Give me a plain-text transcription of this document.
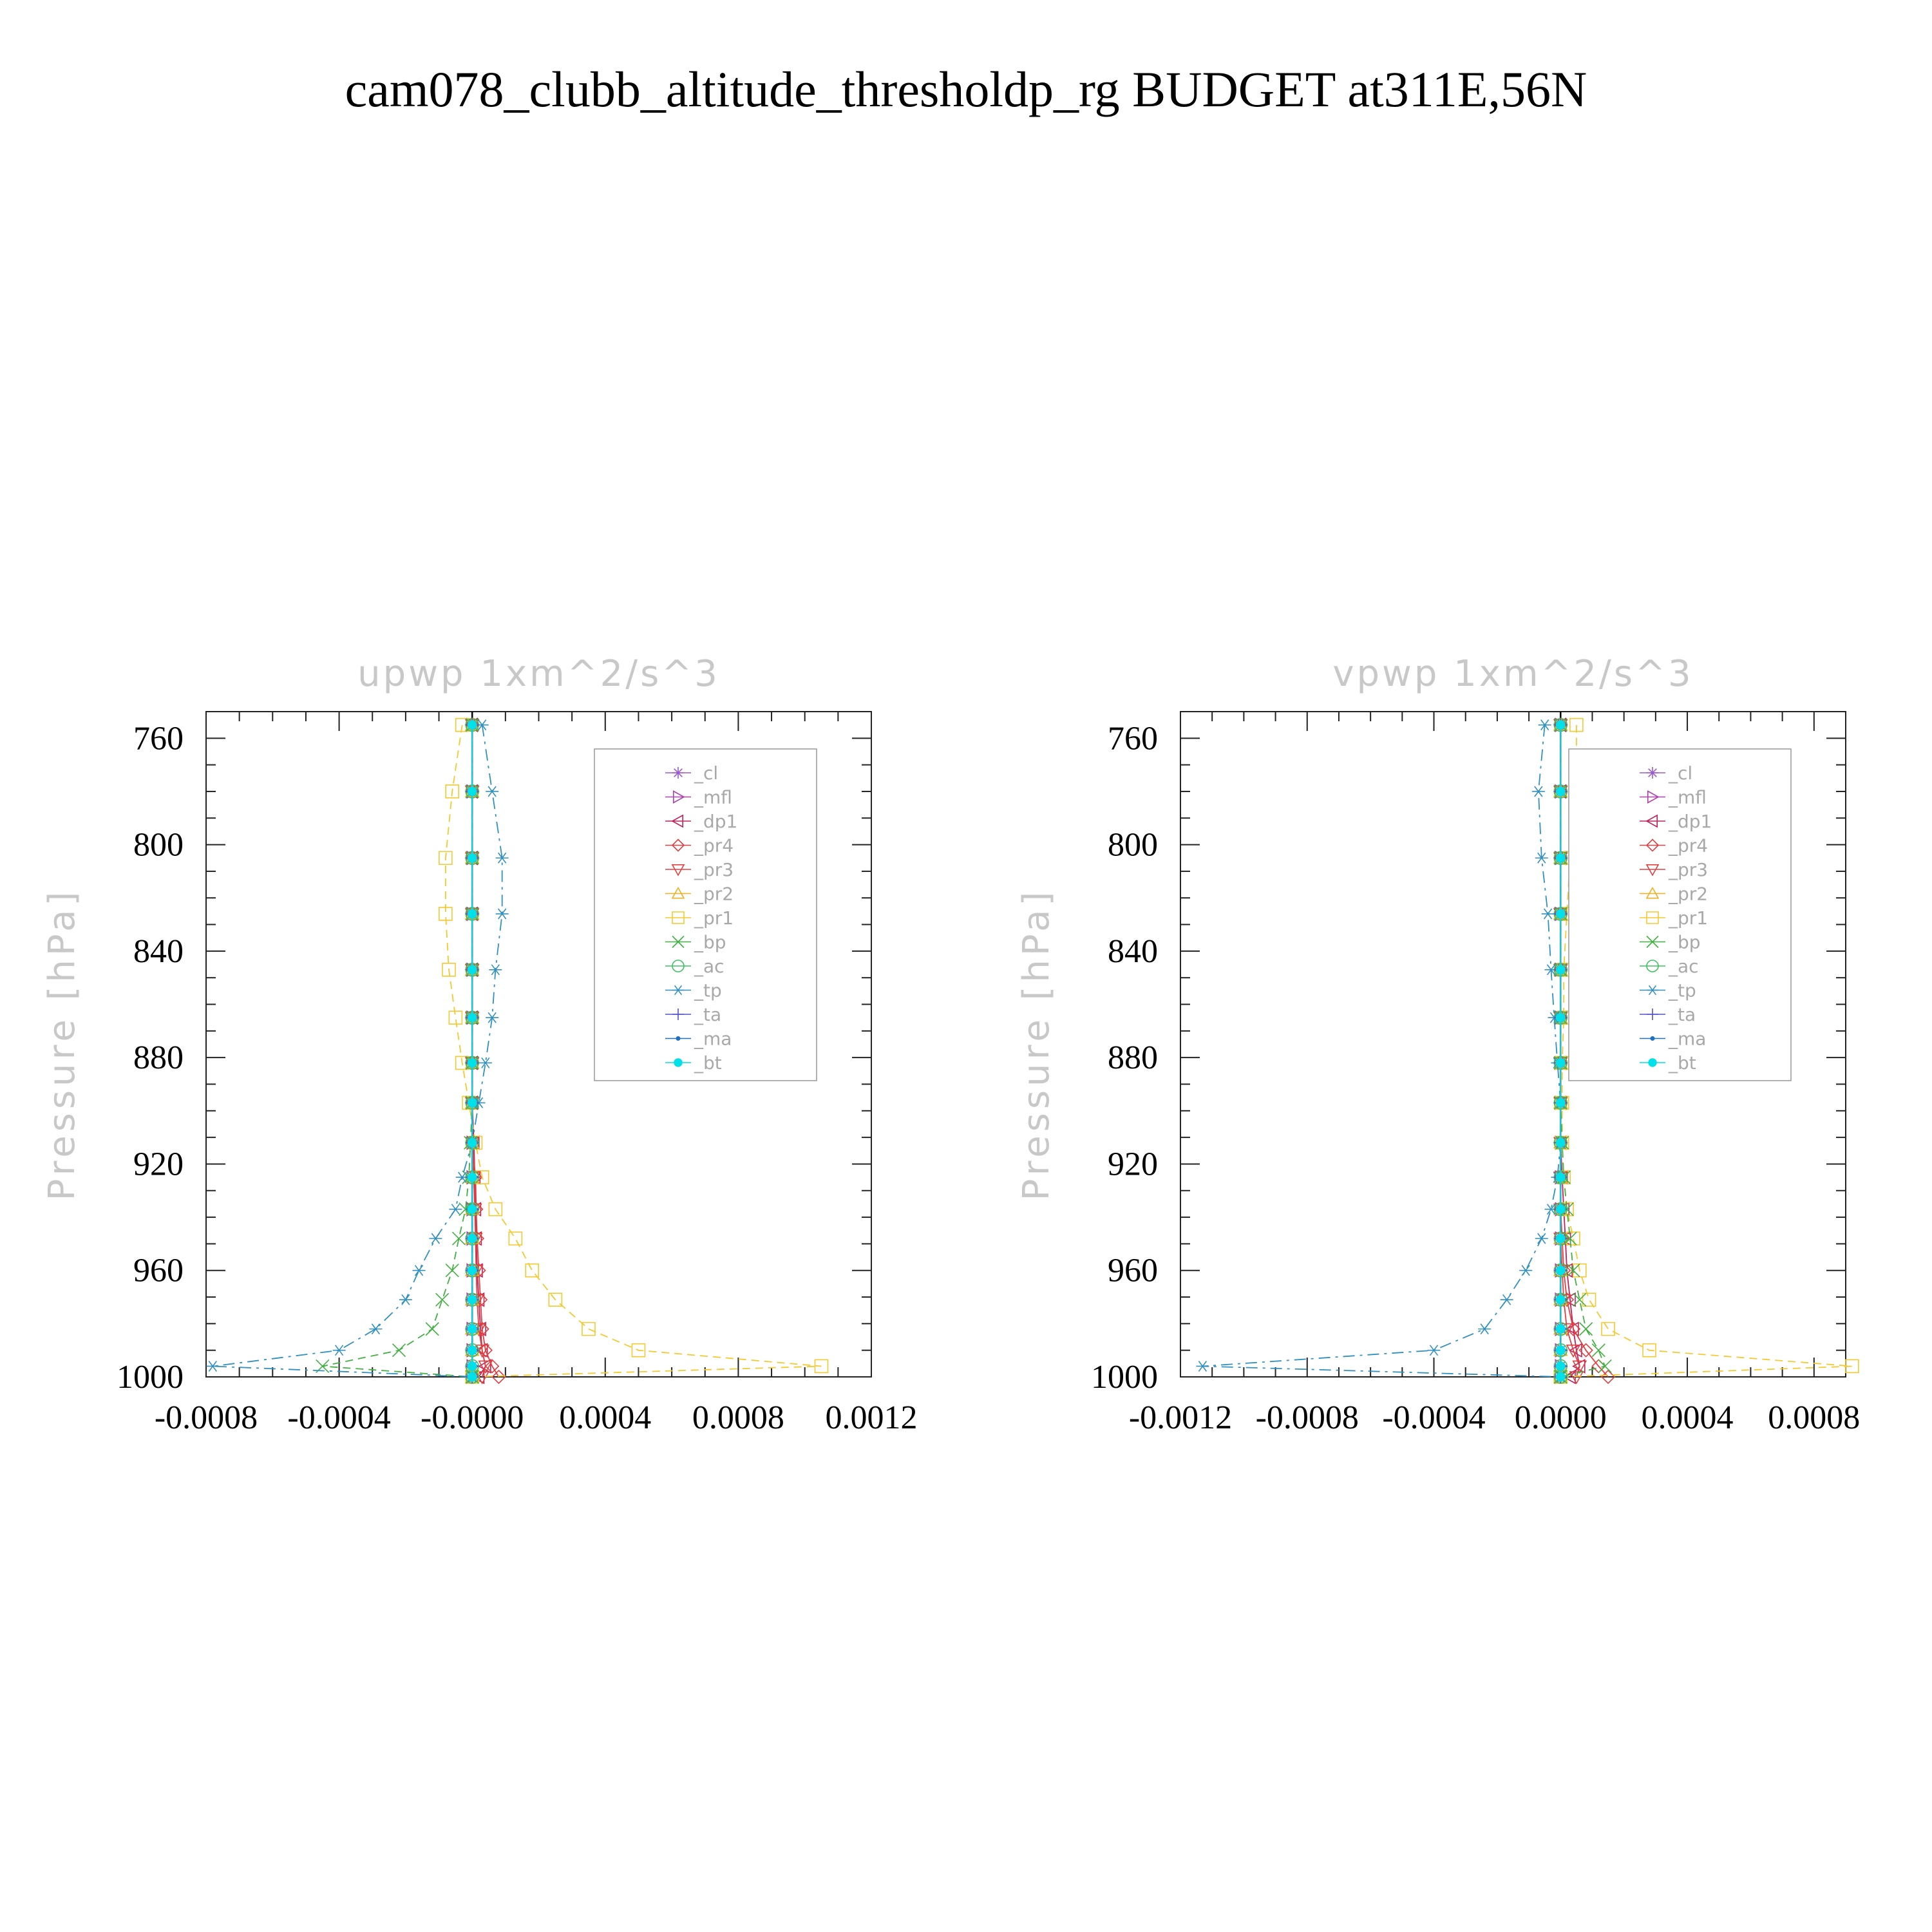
cam078_clubb_altitude_thresholdp_rg BUDGET at311E,56N
upwp 1xm^2/s^3
Pressure [hPa]
760
800
840
880
920
960
1000
-0.0008 -0.0004 -0.0000 0.0004 0.0008 0.0012
_cl
_mfl
_dp1
_pr4
_pr3
_pr2
_pr1
_bp
_ac
_tp
_ta
_ma
_bt
vpwp 1xm^2/s^3
Pressure [hPa]
760
800
840
880
920
960
1000
-0.0012 -0.0008 -0.0004 0.0000 0.0004 0.0008
_cl
_mfl
_dp1
_pr4
_pr3
_pr2
_pr1
_bp
_ac
_tp
_ta
_ma
_bt
